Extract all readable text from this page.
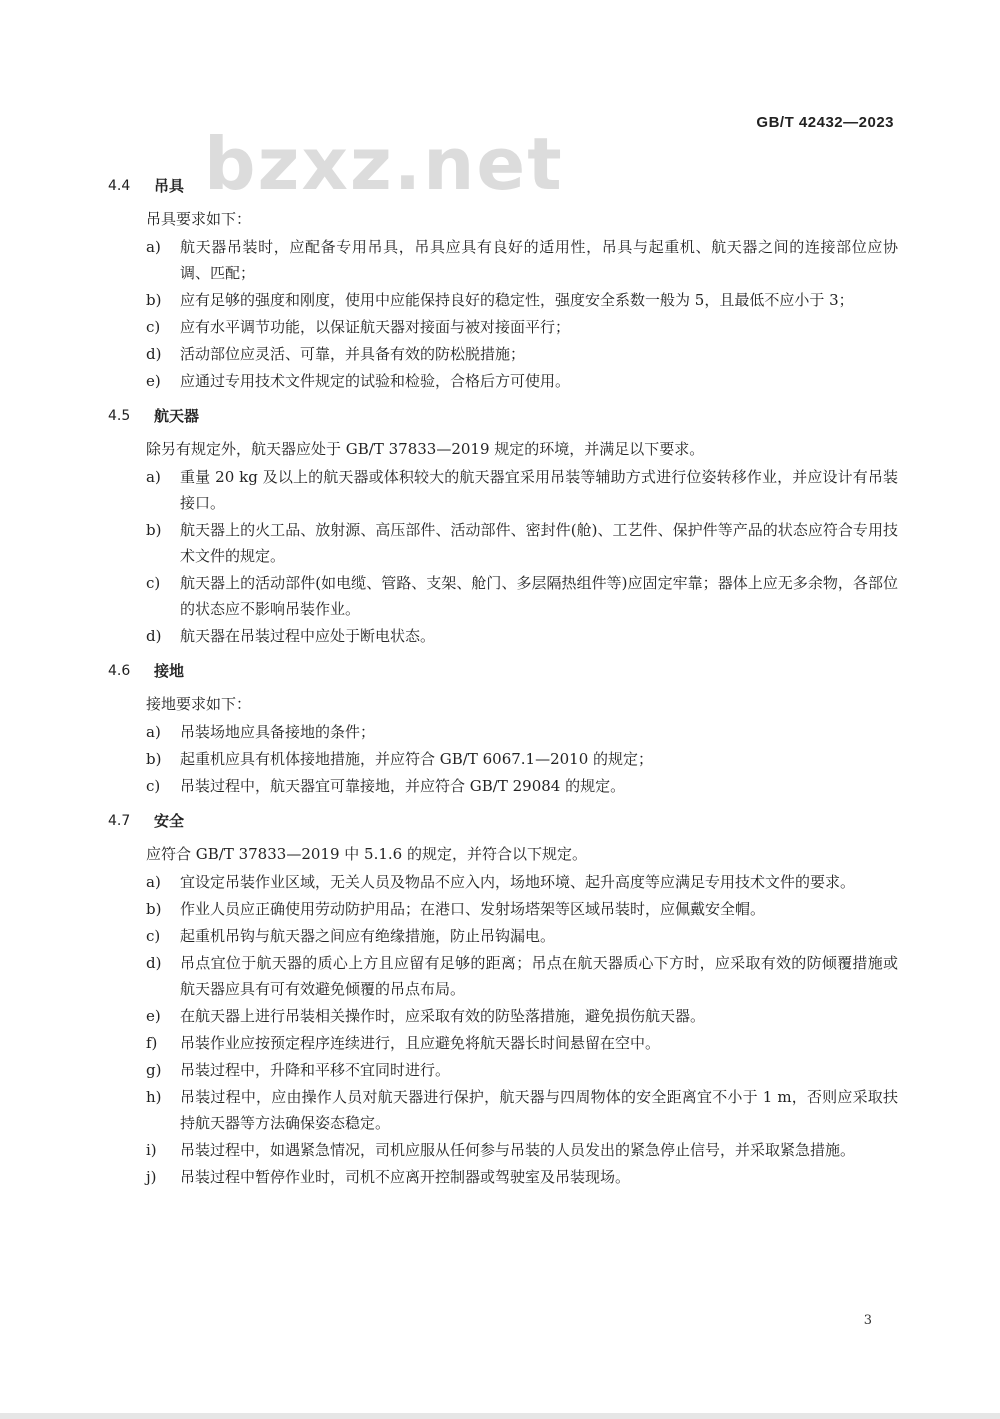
bzxz.net	GB/T 42432—2023
4.4	吊具
吊具要求如下：
a)	航天器吊装时，应配备专用吊具，吊具应具有良好的适用性，吊具与起重机、航天器之间的连接部位应协调、匹配；
b)	应有足够的强度和刚度，使用中应能保持良好的稳定性，强度安全系数一般为 5，且最低不应小于 3；
c)	应有水平调节功能，以保证航天器对接面与被对接面平行；
d)	活动部位应灵活、可靠，并具备有效的防松脱措施；
e)	应通过专用技术文件规定的试验和检验，合格后方可使用。
4.5	航天器
除另有规定外，航天器应处于 GB/T 37833—2019 规定的环境，并满足以下要求。
a)	重量 20 kg 及以上的航天器或体积较大的航天器宜采用吊装等辅助方式进行位姿转移作业，并应设计有吊装接口。
b)	航天器上的火工品、放射源、高压部件、活动部件、密封件(舱)、工艺件、保护件等产品的状态应符合专用技术文件的规定。
c)	航天器上的活动部件(如电缆、管路、支架、舱门、多层隔热组件等)应固定牢靠；器体上应无多余物，各部位的状态应不影响吊装作业。
d)	航天器在吊装过程中应处于断电状态。
4.6	接地
接地要求如下：
a)	吊装场地应具备接地的条件；
b)	起重机应具有机体接地措施，并应符合 GB/T 6067.1—2010 的规定；
c)	吊装过程中，航天器宜可靠接地，并应符合 GB/T 29084 的规定。
4.7	安全
应符合 GB/T 37833—2019 中 5.1.6 的规定，并符合以下规定。
a)	宜设定吊装作业区域，无关人员及物品不应入内，场地环境、起升高度等应满足专用技术文件的要求。
b)	作业人员应正确使用劳动防护用品；在港口、发射场塔架等区域吊装时，应佩戴安全帽。
c)	起重机吊钩与航天器之间应有绝缘措施，防止吊钩漏电。
d)	吊点宜位于航天器的质心上方且应留有足够的距离；吊点在航天器质心下方时，应采取有效的防倾覆措施或航天器应具有可有效避免倾覆的吊点布局。
e)	在航天器上进行吊装相关操作时，应采取有效的防坠落措施，避免损伤航天器。
f)	吊装作业应按预定程序连续进行，且应避免将航天器长时间悬留在空中。
g)	吊装过程中，升降和平移不宜同时进行。
h)	吊装过程中，应由操作人员对航天器进行保护，航天器与四周物体的安全距离宜不小于 1 m，否则应采取扶持航天器等方法确保姿态稳定。
i)	吊装过程中，如遇紧急情况，司机应服从任何参与吊装的人员发出的紧急停止信号，并采取紧急措施。
j)	吊装过程中暂停作业时，司机不应离开控制器或驾驶室及吊装现场。
3
